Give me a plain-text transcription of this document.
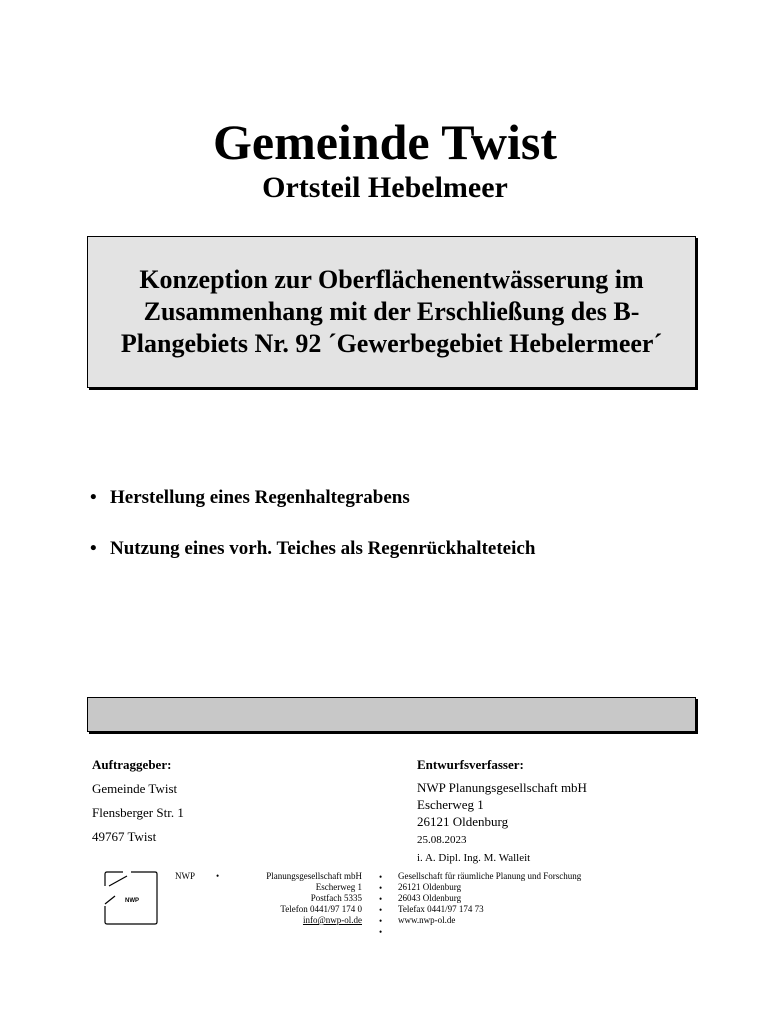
Gemeinde Twist
Ortsteil Hebelmeer
Konzeption zur Oberflächenentwässerung im
Zusammenhang mit der Erschließung des B-
Plangebiets Nr. 92 ´Gewerbegebiet Hebelermeer´
• Herstellung eines Regenhaltegrabens
• Nutzung eines vorh. Teiches als Regenrückhalteteich
Auftraggeber:
Gemeinde Twist
Flensberger Str. 1
49767 Twist
Entwurfsverfasser:
NWP Planungsgesellschaft mbH
Escherweg 1
26121 Oldenburg
25.08.2023
i. A. Dipl. Ing. M. Walleit
NWP
NWP •	Planungsgesellschaft mbH
Escherweg 1
Postfach 5335
Telefon 0441/97 174 0
info@nwp-ol.de
•
•
•
•
•
•
Gesellschaft für räumliche Planung und Forschung
26121 Oldenburg
26043 Oldenburg
Telefax 0441/97 174 73
www.nwp-ol.de
